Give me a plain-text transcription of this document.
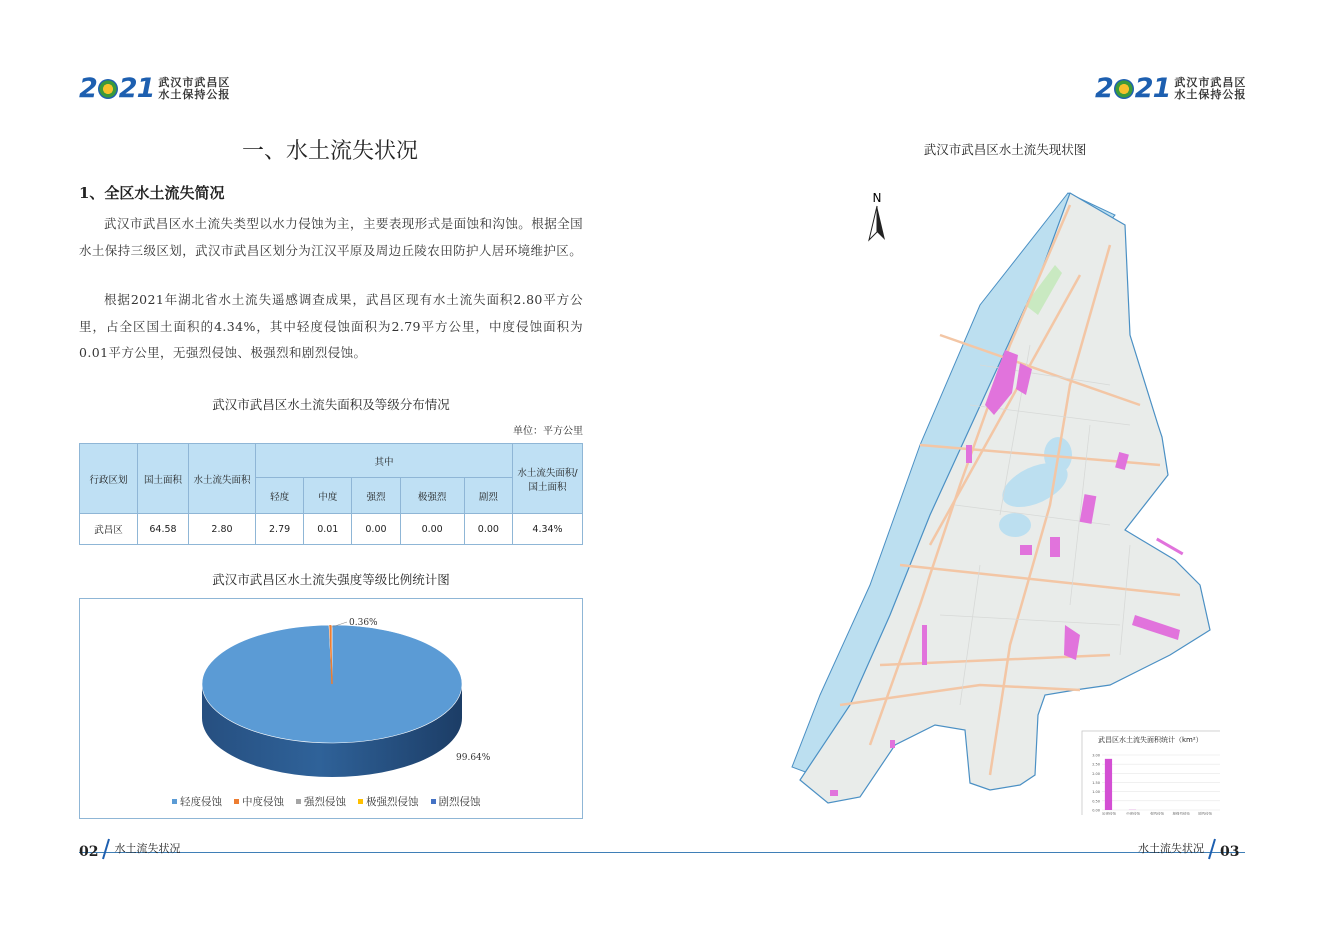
2 21 武汉市武昌区
水土保持公报	2 21 武汉市武昌区
水土保持公报
一、水土流失状况
1、全区水土流失简况
武汉市武昌区水土流失类型以水力侵蚀为主，主要表现形式是面蚀和沟蚀。根据全国水土保持三级区划，武汉市武昌区划分为江汉平原及周边丘陵农田防护人居环境维护区。
根据2021年湖北省水土流失遥感调查成果，武昌区现有水土流失面积2.80平方公里，占全区国土面积的4.34%，其中轻度侵蚀面积为2.79平方公里，中度侵蚀面积为0.01平方公里，无强烈侵蚀、极强烈和剧烈侵蚀。
武汉市武昌区水土流失面积及等级分布情况
单位：平方公里
行政区划	国土面积	水土流失面积	其中					水土流失面积/国土面积
			轻度	中度	强烈	极强烈	剧烈	
武昌区	64.58	2.80	2.79	0.01	0.00	0.00	0.00	4.34%
武汉市武昌区水土流失强度等级比例统计图
0.36%
99.64%
轻度侵蚀 中度侵蚀 强烈侵蚀 极强烈侵蚀 剧烈侵蚀
武汉市武昌区水土流失现状图
N
武昌区水土流失面积统计（km²）
3.00
2.50
2.00
1.50
1.00
0.50
0.00
轻度侵蚀	中度侵蚀	强烈侵蚀 极强烈侵蚀 剧烈侵蚀
02 水土流失状况	水土流失状况 03
